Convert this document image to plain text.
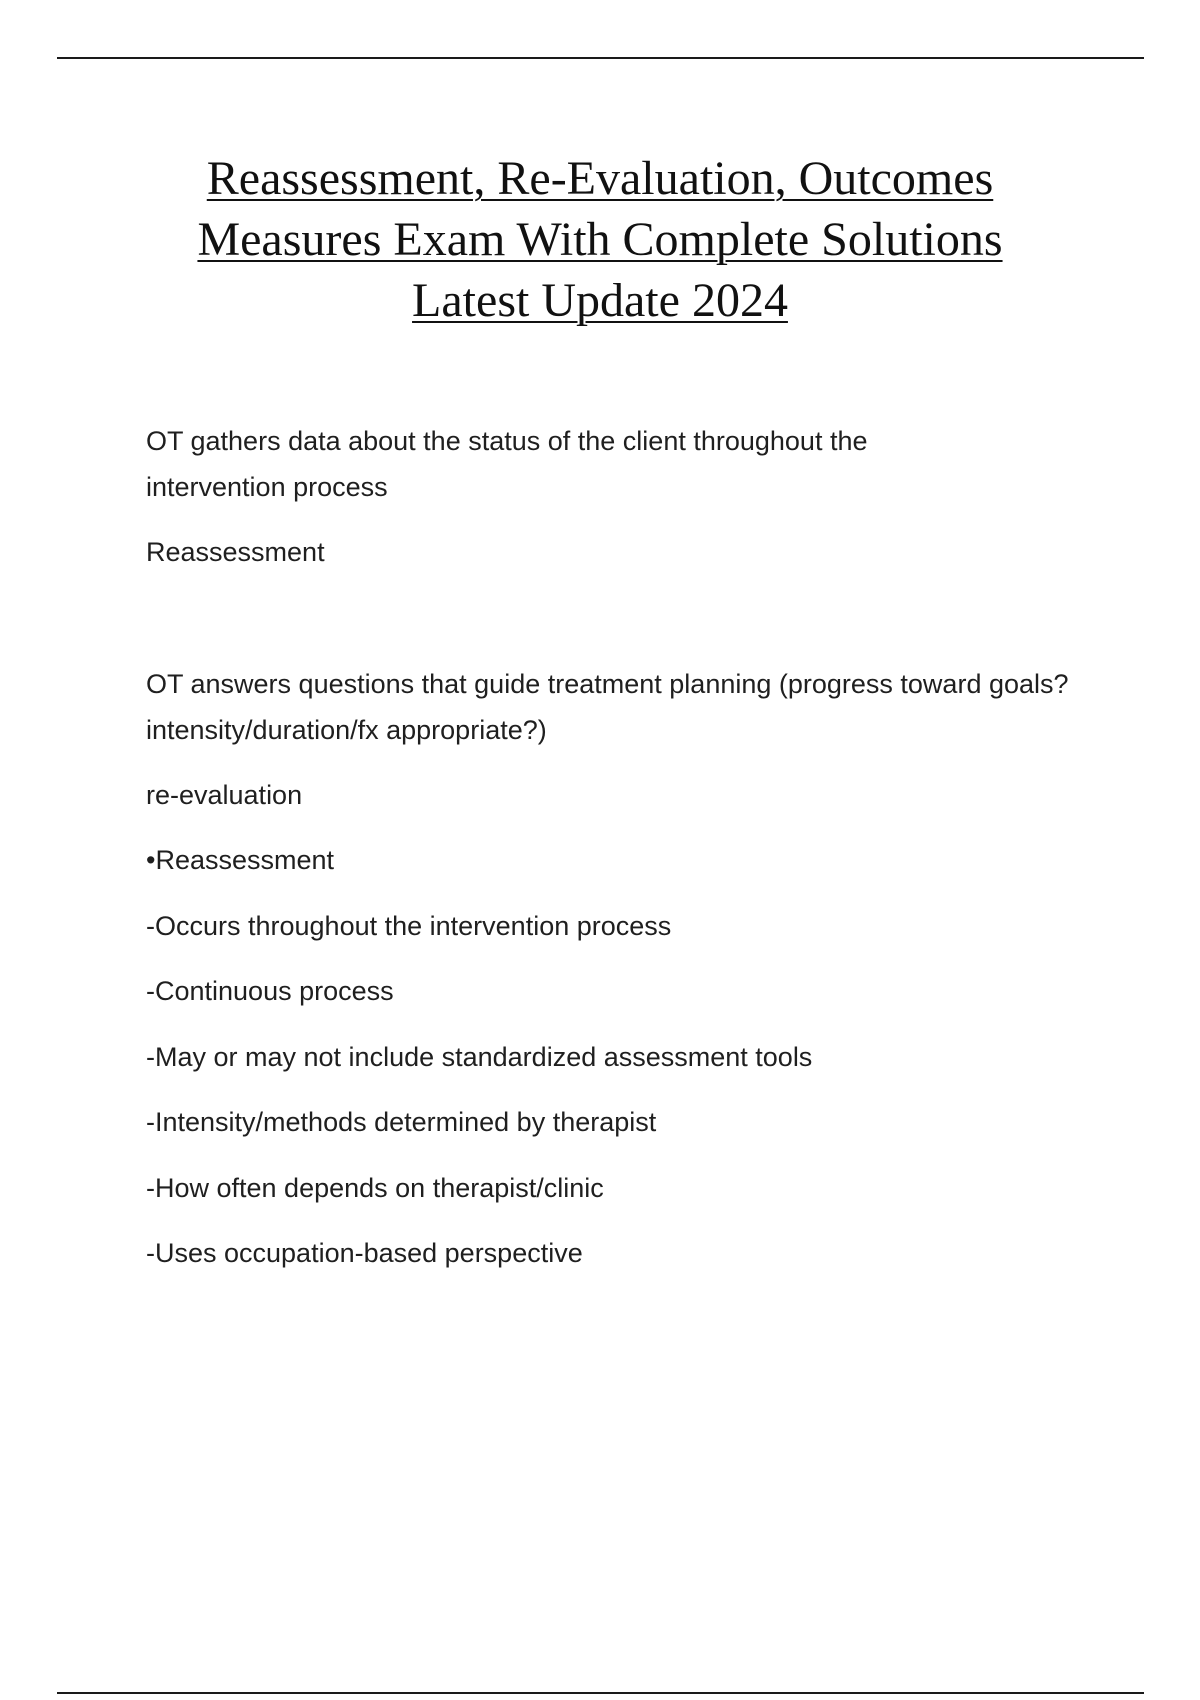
Reassessment, Re-Evaluation, Outcomes
Measures Exam With Complete Solutions
Latest Update 2024

OT gathers data about the status of the client throughout the intervention process

Reassessment

OT answers questions that guide treatment planning (progress toward goals? intensity/duration/fx appropriate?)

re-evaluation

•Reassessment

-Occurs throughout the intervention process

-Continuous process

-May or may not include standardized assessment tools

-Intensity/methods determined by therapist

-How often depends on therapist/clinic

-Uses occupation-based perspective
